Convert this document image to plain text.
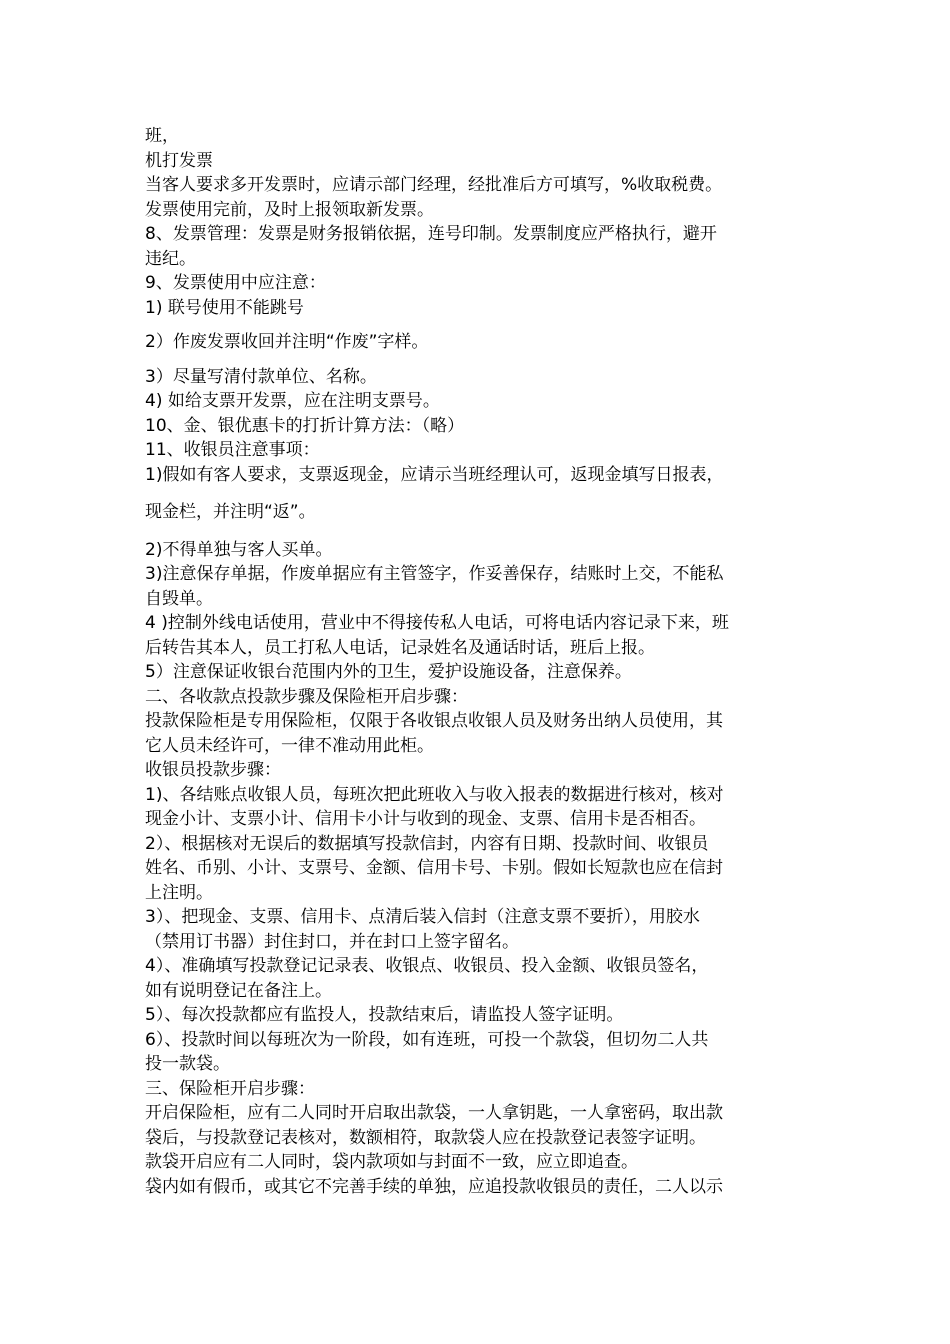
班，
机打发票
当客人要求多开发票时，应请示部门经理，经批准后方可填写，%收取税费。
发票使用完前，及时上报领取新发票。
8、发票管理：发票是财务报销依据，连号印制。发票制度应严格执行，避开
违纪。
9、发票使用中应注意：
1) 联号使用不能跳号
2）作废发票收回并注明“作废”字样。
3）尽量写清付款单位、名称。
4) 如给支票开发票，应在注明支票号。
10、金、银优惠卡的打折计算方法：（略）
11、收银员注意事项：
1)假如有客人要求，支票返现金，应请示当班经理认可，返现金填写日报表，
现金栏，并注明“返”。
2)不得单独与客人买单。
3)注意保存单据，作废单据应有主管签字，作妥善保存，结账时上交，不能私
自毁单。
4 )控制外线电话使用，营业中不得接传私人电话，可将电话内容记录下来，班
后转告其本人，员工打私人电话，记录姓名及通话时话，班后上报。
5）注意保证收银台范围内外的卫生，爱护设施设备，注意保养。
二、各收款点投款步骤及保险柜开启步骤：
投款保险柜是专用保险柜，仅限于各收银点收银人员及财务出纳人员使用，其
它人员未经许可，一律不准动用此柜。
收银员投款步骤：
1)、各结账点收银人员，每班次把此班收入与收入报表的数据进行核对，核对
现金小计、支票小计、信用卡小计与收到的现金、支票、信用卡是否相否。
2）、根据核对无误后的数据填写投款信封，内容有日期、投款时间、收银员
姓名、币别、小计、支票号、金额、信用卡号、卡别。假如长短款也应在信封
上注明。
3）、把现金、支票、信用卡、点清后装入信封（注意支票不要折），用胶水
（禁用订书器）封住封口，并在封口上签字留名。
4）、准确填写投款登记记录表、收银点、收银员、投入金额、收银员签名，
如有说明登记在备注上。
5）、每次投款都应有监投人，投款结束后，请监投人签字证明。
6）、投款时间以每班次为一阶段，如有连班，可投一个款袋，但切勿二人共
投一款袋。
三、保险柜开启步骤：
开启保险柜，应有二人同时开启取出款袋，一人拿钥匙，一人拿密码，取出款
袋后，与投款登记表核对，数额相符，取款袋人应在投款登记表签字证明。
款袋开启应有二人同时，袋内款项如与封面不一致，应立即追查。
袋内如有假币，或其它不完善手续的单独，应追投款收银员的责任，二人以示
